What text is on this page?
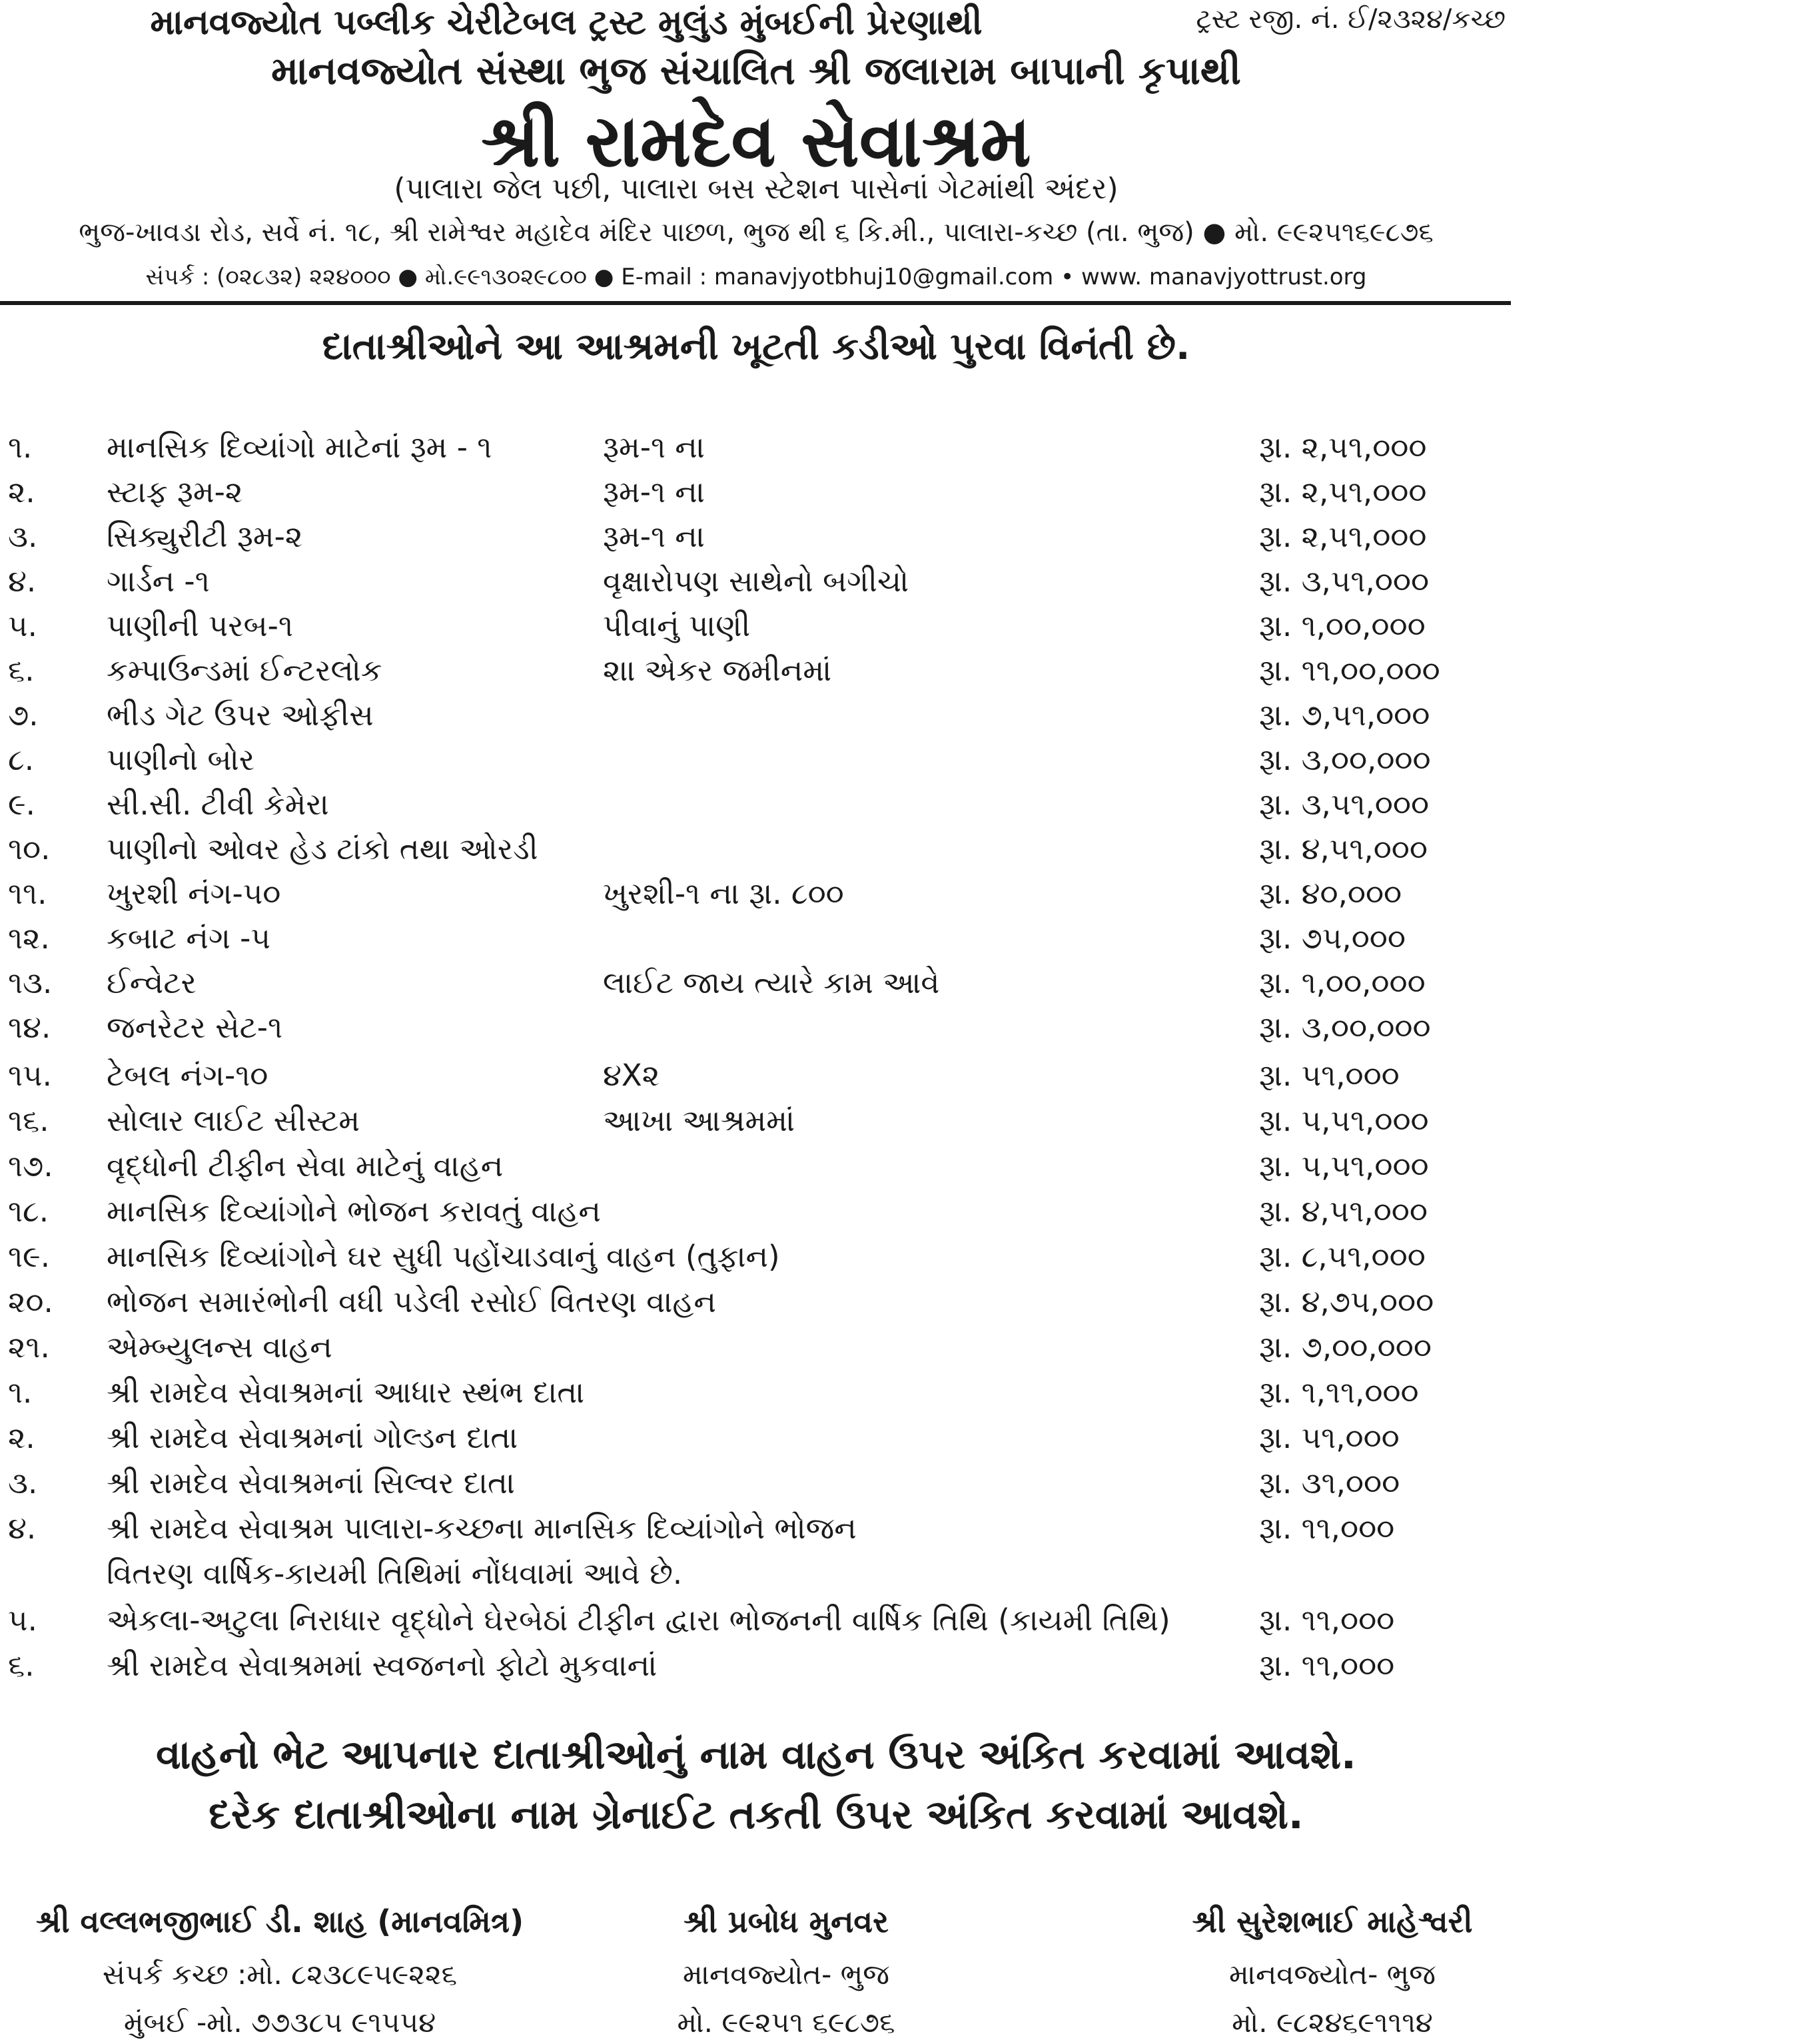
ટ્રસ્ટ રજી. નં. ઈ/૨૩૨૪/કચ્છ
માનવજ્યોત પબ્લીક ચેરીટેબલ ટ્રસ્ટ મુલુંડ મુંબઈની પ્રેરણાથી
માનવજ્યોત સંસ્થા ભુજ સંચાલિત શ્રી જલારામ બાપાની કૃપાથી
શ્રી રામદેવ સેવાશ્રમ
(પાલારા જેલ પછી, પાલારા બસ સ્ટેશન પાસેનાં ગેટમાંથી અંદર)
ભુજ-ખાવડા રોડ, સર્વે નં. ૧૮, શ્રી રામેશ્વર મહાદેવ મંદિર પાછળ, ભુજ થી ૬ કિ.મી., પાલારા-કચ્છ (તા. ભુજ) ● મો. ૯૯૨૫૧૬૯૮૭૬
સંપર્ક : (૦૨૮૩૨) ૨૨૪૦૦૦ ● મો.૯૯૧૩૦૨૯૮૦૦ ● E-mail : manavjyotbhuj10@gmail.com • www. manavjyottrust.org
દાતાશ્રીઓને આ આશ્રમની ખૂટતી કડીઓ પુરવા વિનંતી છે.
૧. માનસિક દિવ્યાંગો માટેનાં રૂમ - ૧	રૂમ-૧ ના	રૂા. ૨,૫૧,૦૦૦
૨. સ્ટાફ રૂમ-૨	રૂમ-૧ ના	રૂા. ૨,૫૧,૦૦૦
૩. સિક્યુરીટી રૂમ-૨	રૂમ-૧ ના	રૂા. ૨,૫૧,૦૦૦
૪. ગાર્ડન -૧	વૃક્ષારોપણ સાથેનો બગીચો	રૂા. ૩,૫૧,૦૦૦
૫. પાણીની પરબ-૧	પીવાનું પાણી	રૂા. ૧,૦૦,૦૦૦
૬. કમ્પાઉન્ડમાં ઈન્ટરલોક	૨ાા એકર જમીનમાં	રૂા. ૧૧,૦૦,૦૦૦
૭. ભીડ ગેટ ઉપર ઓફીસ	રૂા. ૭,૫૧,૦૦૦
૮. પાણીનો બોર	રૂા. ૩,૦૦,૦૦૦
૯. સી.સી. ટીવી કેમેરા	રૂા. ૩,૫૧,૦૦૦
૧૦. પાણીનો ઓવર હેડ ટાંકો તથા ઓરડી	રૂા. ૪,૫૧,૦૦૦
૧૧. ખુરશી નંગ-૫૦	ખુરશી-૧ ના રૂા. ૮૦૦	રૂા. ૪૦,૦૦૦
૧૨. કબાટ નંગ -૫	રૂા. ૭૫,૦૦૦
૧૩. ઈન્વેટર	લાઈટ જાય ત્યારે કામ આવે	રૂા. ૧,૦૦,૦૦૦
૧૪. જનરેટર સેટ-૧	રૂા. ૩,૦૦,૦૦૦
૧૫. ટેબલ નંગ-૧૦	૪X૨	રૂા. ૫૧,૦૦૦
૧૬. સોલાર લાઈટ સીસ્ટમ	આખા આશ્રમમાં	રૂા. ૫,૫૧,૦૦૦
૧૭. વૃદ્ધોની ટીફીન સેવા માટેનું વાહન	રૂા. ૫,૫૧,૦૦૦
૧૮. માનસિક દિવ્યાંગોને ભોજન કરાવતું વાહન	રૂા. ૪,૫૧,૦૦૦
૧૯. માનસિક દિવ્યાંગોને ઘર સુધી પહોંચાડવાનું વાહન (તુફાન)	રૂા. ૮,૫૧,૦૦૦
૨૦. ભોજન સમારંભોની વધી પડેલી રસોઈ વિતરણ વાહન	રૂા. ૪,૭૫,૦૦૦
૨૧. એમ્બ્યુલન્સ વાહન	રૂા. ૭,૦૦,૦૦૦
૧. શ્રી રામદેવ સેવાશ્રમનાં આધાર સ્થંભ દાતા	રૂા. ૧,૧૧,૦૦૦
૨. શ્રી રામદેવ સેવાશ્રમનાં ગોલ્ડન દાતા	રૂા. ૫૧,૦૦૦
૩. શ્રી રામદેવ સેવાશ્રમનાં સિલ્વર દાતા	રૂા. ૩૧,૦૦૦
૪. શ્રી રામદેવ સેવાશ્રમ પાલારા-કચ્છના માનસિક દિવ્યાંગોને ભોજન	રૂા. ૧૧,૦૦૦
વિતરણ વાર્ષિક-કાયમી તિથિમાં નોંધવામાં આવે છે.
૫. એકલા-અટુલા નિરાધાર વૃદ્ધોને ઘેરબેઠાં ટીફીન દ્વારા ભોજનની વાર્ષિક તિથિ (કાયમી તિથિ)	રૂા. ૧૧,૦૦૦
૬. શ્રી રામદેવ સેવાશ્રમમાં સ્વજનનો ફોટો મુકવાનાં	રૂા. ૧૧,૦૦૦
વાહનો ભેટ આપનાર દાતાશ્રીઓનું નામ વાહન ઉપર અંકિત કરવામાં આવશે.
દરેક દાતાશ્રીઓના નામ ગ્રેનાઈટ તકતી ઉપર અંકિત કરવામાં આવશે.
શ્રી વલ્લભજીભાઈ ડી. શાહ (માનવમિત્ર)
સંપર્ક કચ્છ :મો. ૮૨૩૮૯૫૯૨૨૬
મુંબઈ -મો. ૭૭૩૮૫ ૯૧૫૫૪
શ્રી પ્રબોધ મુનવર
માનવજ્યોત- ભુજ
મો. ૯૯૨૫૧ ૬૯૮૭૬
શ્રી સુરેશભાઈ માહેશ્વરી
માનવજ્યોત- ભુજ
મો. ૯૮૨૪૬૯૧૧૧૪
